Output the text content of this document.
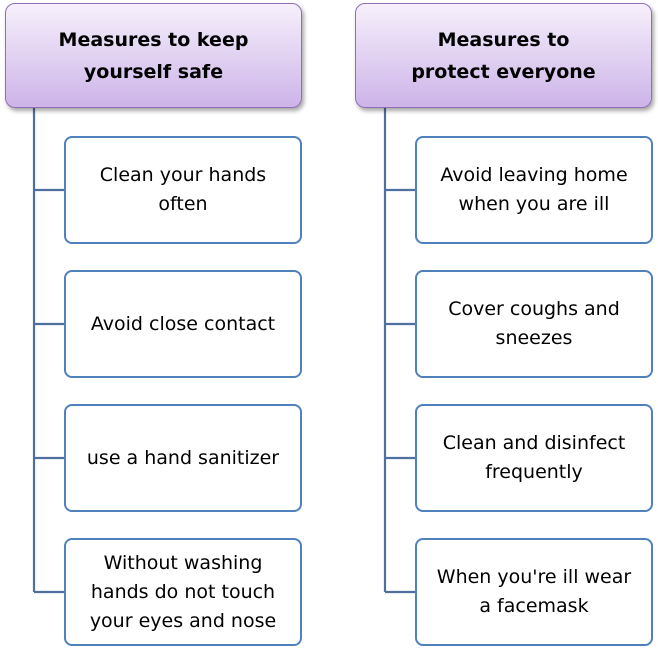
Measures to keep
yourself safe
Measures to
protect everyone
Clean your hands
often
Avoid close contact
use a hand sanitizer
Without washing
hands do not touch
your eyes and nose
Avoid leaving home
when you are ill
Cover coughs and
sneezes
Clean and disinfect
frequently
When you're ill wear
a facemask
